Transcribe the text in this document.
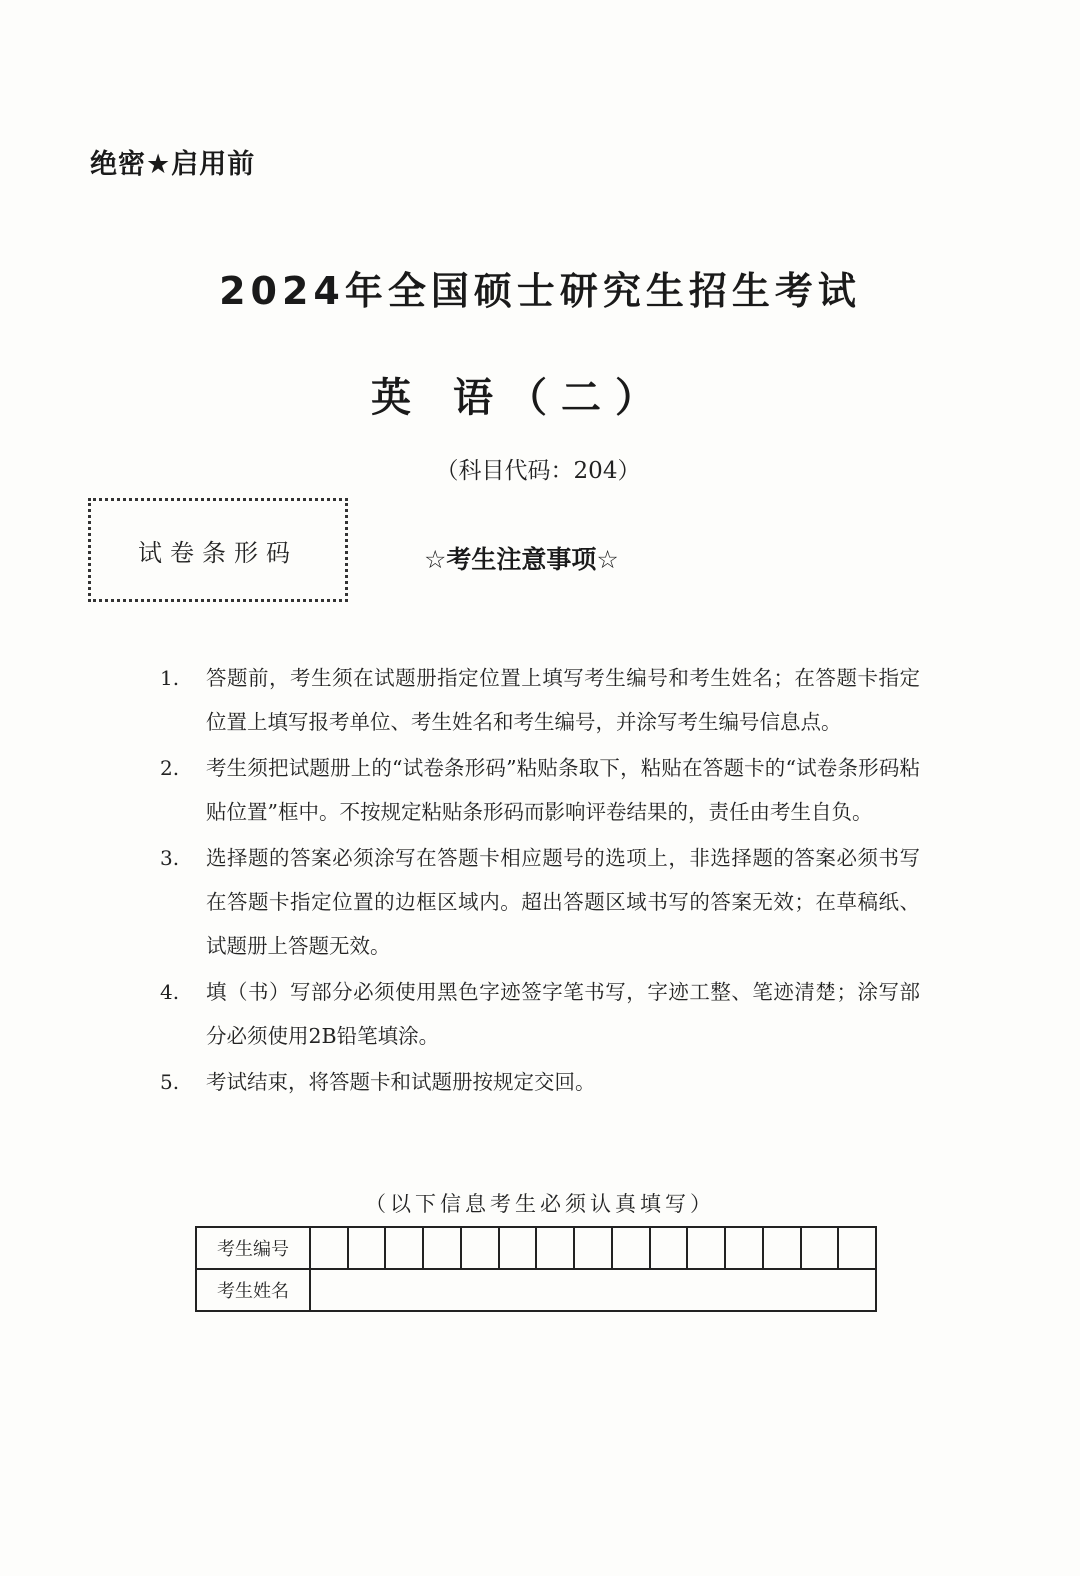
绝密★启用前
2024年全国硕士研究生招生考试
英 语（二）
（科目代码：204）
试卷条形码	☆考生注意事项☆
1.	答题前，考生须在试题册指定位置上填写考生编号和考生姓名；在答题卡指定位置上填写报考单位、考生姓名和考生编号，并涂写考生编号信息点。
2.	考生须把试题册上的“试卷条形码”粘贴条取下，粘贴在答题卡的“试卷条形码粘贴位置”框中。不按规定粘贴条形码而影响评卷结果的，责任由考生自负。
3.	选择题的答案必须涂写在答题卡相应题号的选项上，非选择题的答案必须书写在答题卡指定位置的边框区域内。超出答题区域书写的答案无效；在草稿纸、试题册上答题无效。
4.	填（书）写部分必须使用黑色字迹签字笔书写，字迹工整、笔迹清楚；涂写部分必须使用2B铅笔填涂。
5.	考试结束，将答题卡和试题册按规定交回。
（以下信息考生必须认真填写）
考生编号	

考生姓名	
